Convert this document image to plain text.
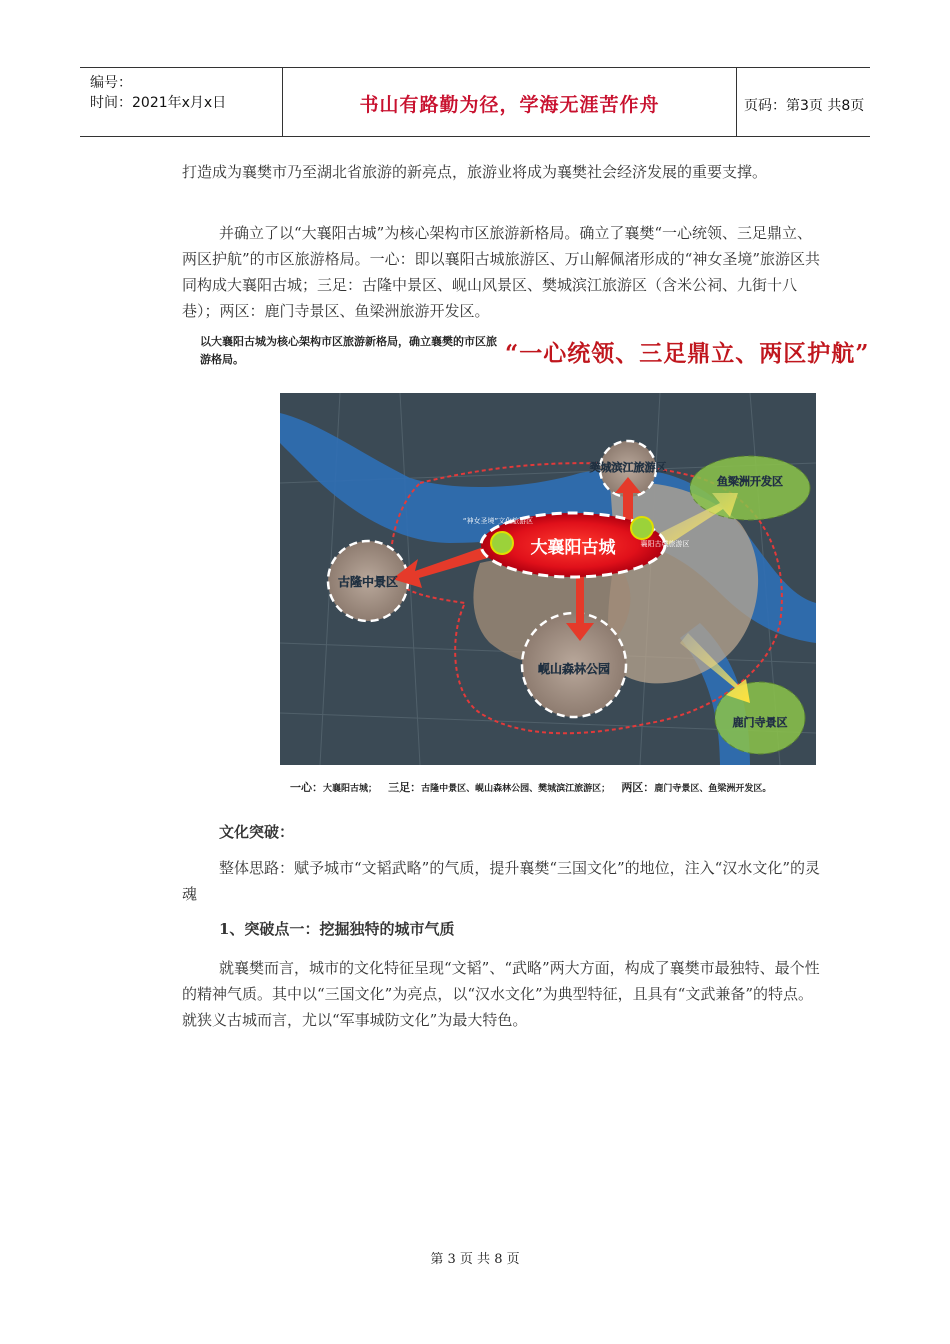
编号：
时间：2021年x月x日	书山有路勤为径，学海无涯苦作舟	页码：第3页 共8页

打造成为襄樊市乃至湖北省旅游的新亮点，旅游业将成为襄樊社会经济发展的重要支撑。

并确立了以“大襄阳古城”为核心架构市区旅游新格局。确立了襄樊“一心统领、三足鼎立、两区护航”的市区旅游格局。一心：即以襄阳古城旅游区、万山解佩渚形成的“神女圣境”旅游区共同构成大襄阳古城；三足：古隆中景区、岘山风景区、樊城滨江旅游区（含米公祠、九街十八巷）；两区：鹿门寺景区、鱼梁洲旅游开发区。

以大襄阳古城为核心架构市区旅游新格局，确立襄樊的市区旅游格局。	“一心统领、三足鼎立、两区护航”
大襄阳古城
樊城滨江旅游区
鱼梁洲开发区
古隆中景区
岘山森林公园
鹿门寺景区
“神女圣境”文化旅游区
襄阳古城旅游区
一心：大襄阳古城； 三足：古隆中景区、岘山森林公园、樊城滨江旅游区； 两区：鹿门寺景区、鱼梁洲开发区。

文化突破：

整体思路：赋予城市“文韬武略”的气质，提升襄樊“三国文化”的地位，注入“汉水文化”的灵魂

1、突破点一：挖掘独特的城市气质

就襄樊而言，城市的文化特征呈现“文韬”、“武略”两大方面，构成了襄樊市最独特、最个性的精神气质。其中以“三国文化”为亮点，以“汉水文化”为典型特征，且具有“文武兼备”的特点。就狭义古城而言，尤以“军事城防文化”为最大特色。

第 3 页 共 8 页
